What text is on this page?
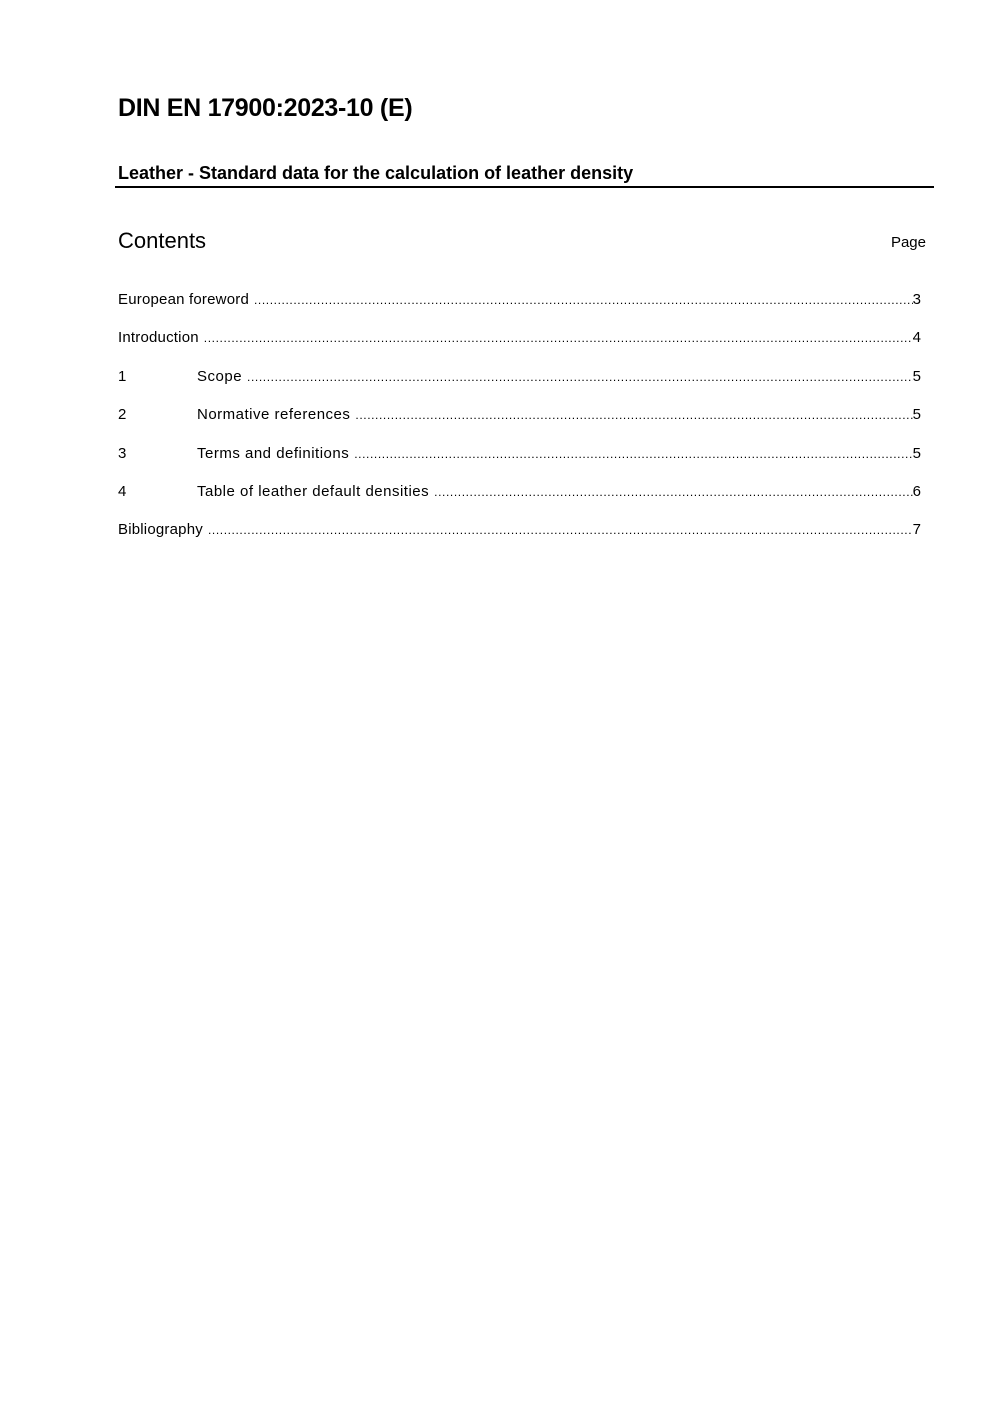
DIN EN 17900:2023-10 (E)
Leather - Standard data for the calculation of leather density
Contents	Page
European foreword .....	3
Introduction .....	4
1	Scope .....	5
2	Normative references .....	5
3	Terms and definitions .....	5
4	Table of leather default densities .....	6
Bibliography .....	7
